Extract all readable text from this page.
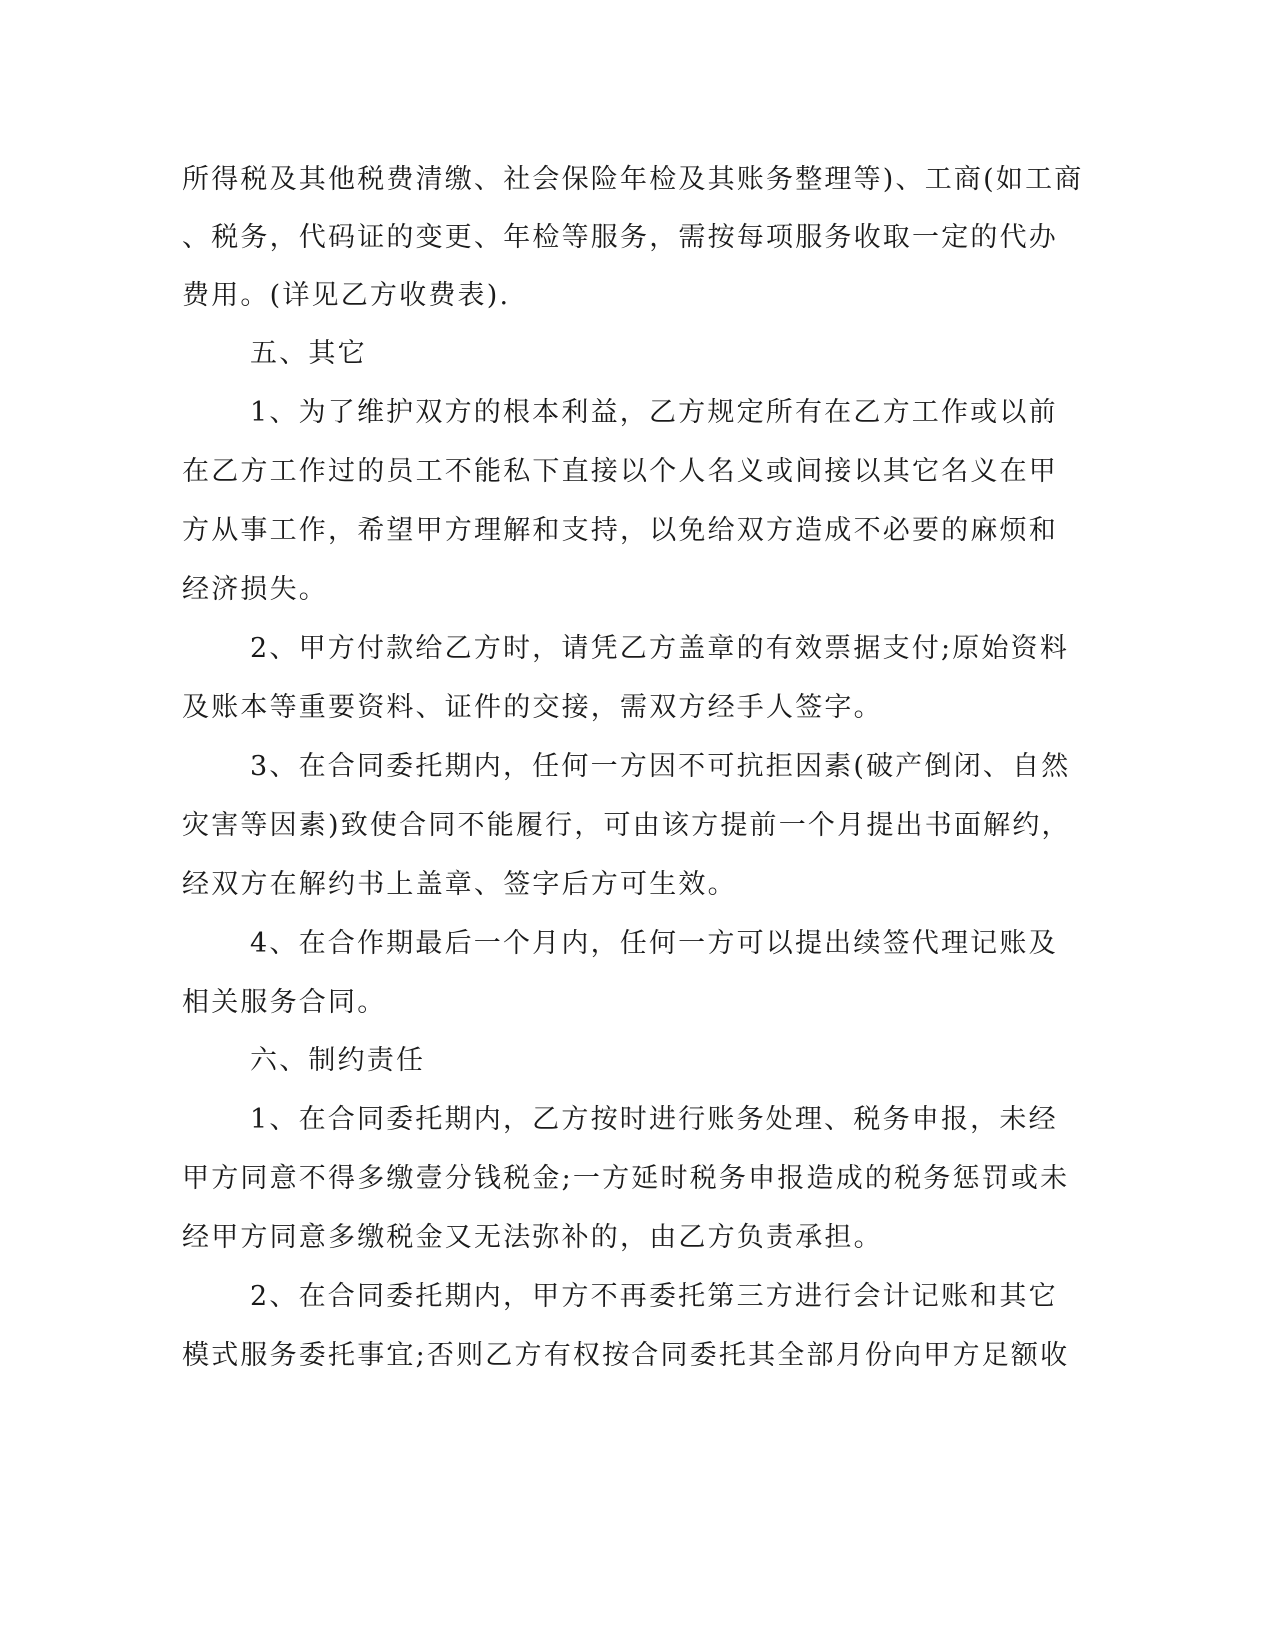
所得税及其他税费清缴、社会保险年检及其账务整理等)、工商(如工商
、税务，代码证的变更、年检等服务，需按每项服务收取一定的代办
费用。(详见乙方收费表).
五、其它
1、为了维护双方的根本利益，乙方规定所有在乙方工作或以前
在乙方工作过的员工不能私下直接以个人名义或间接以其它名义在甲
方从事工作，希望甲方理解和支持，以免给双方造成不必要的麻烦和
经济损失。
2、甲方付款给乙方时，请凭乙方盖章的有效票据支付;原始资料
及账本等重要资料、证件的交接，需双方经手人签字。
3、在合同委托期内，任何一方因不可抗拒因素(破产倒闭、自然
灾害等因素)致使合同不能履行，可由该方提前一个月提出书面解约，
经双方在解约书上盖章、签字后方可生效。
4、在合作期最后一个月内，任何一方可以提出续签代理记账及
相关服务合同。
六、制约责任
1、在合同委托期内，乙方按时进行账务处理、税务申报，未经
甲方同意不得多缴壹分钱税金;一方延时税务申报造成的税务惩罚或未
经甲方同意多缴税金又无法弥补的，由乙方负责承担。
2、在合同委托期内，甲方不再委托第三方进行会计记账和其它
模式服务委托事宜;否则乙方有权按合同委托其全部月份向甲方足额收
